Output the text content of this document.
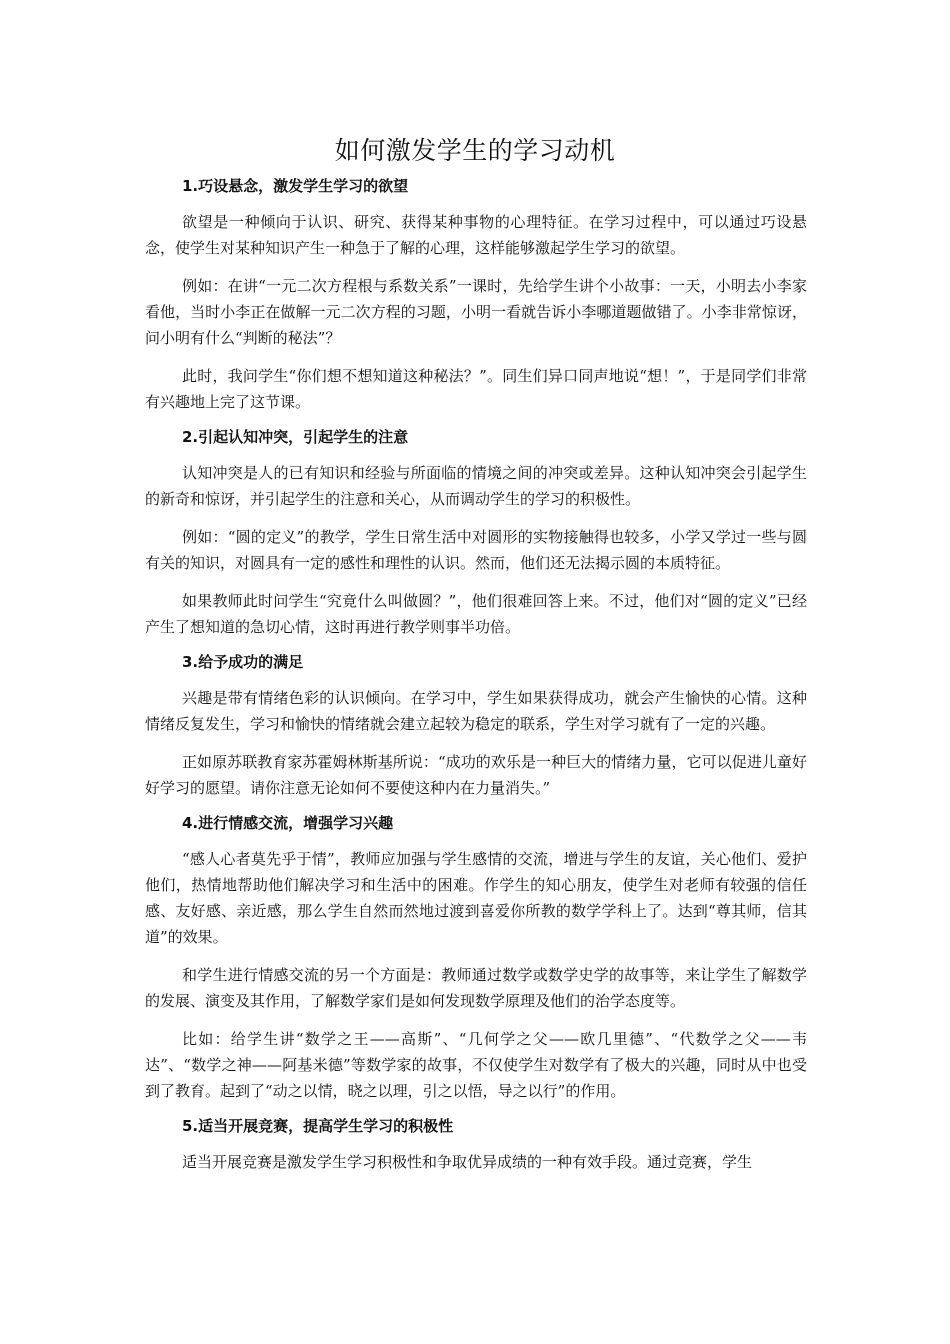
如何激发学生的学习动机

1.巧设悬念，激发学生学习的欲望

欲望是一种倾向于认识、研究、获得某种事物的心理特征。在学习过程中，可以通过巧设悬念，使学生对某种知识产生一种急于了解的心理，这样能够激起学生学习的欲望。

例如：在讲“一元二次方程根与系数关系”一课时，先给学生讲个小故事：一天，小明去小李家看他，当时小李正在做解一元二次方程的习题，小明一看就告诉小李哪道题做错了。小李非常惊讶，问小明有什么“判断的秘法”？

此时，我问学生“你们想不想知道这种秘法？”。同生们异口同声地说“想！”，于是同学们非常有兴趣地上完了这节课。

2.引起认知冲突，引起学生的注意

认知冲突是人的已有知识和经验与所面临的情境之间的冲突或差异。这种认知冲突会引起学生的新奇和惊讶，并引起学生的注意和关心，从而调动学生的学习的积极性。

例如：“圆的定义”的教学，学生日常生活中对圆形的实物接触得也较多，小学又学过一些与圆有关的知识，对圆具有一定的感性和理性的认识。然而，他们还无法揭示圆的本质特征。

如果教师此时问学生“究竟什么叫做圆？”，他们很难回答上来。不过，他们对“圆的定义”已经产生了想知道的急切心情，这时再进行教学则事半功倍。

3.给予成功的满足

兴趣是带有情绪色彩的认识倾向。在学习中，学生如果获得成功，就会产生愉快的心情。这种情绪反复发生，学习和愉快的情绪就会建立起较为稳定的联系，学生对学习就有了一定的兴趣。

正如原苏联教育家苏霍姆林斯基所说：“成功的欢乐是一种巨大的情绪力量，它可以促进儿童好好学习的愿望。请你注意无论如何不要使这种内在力量消失。”

4.进行情感交流，增强学习兴趣

“感人心者莫先乎于情”，教师应加强与学生感情的交流，增进与学生的友谊，关心他们、爱护他们，热情地帮助他们解决学习和生活中的困难。作学生的知心朋友，使学生对老师有较强的信任感、友好感、亲近感，那么学生自然而然地过渡到喜爱你所教的数学学科上了。达到“尊其师，信其道”的效果。

和学生进行情感交流的另一个方面是：教师通过数学或数学史学的故事等，来让学生了解数学的发展、演变及其作用，了解数学家们是如何发现数学原理及他们的治学态度等。

比如：给学生讲“数学之王——高斯”、“几何学之父——欧几里德”、“代数学之父——韦达”、“数学之神——阿基米德”等数学家的故事，不仅使学生对数学有了极大的兴趣，同时从中也受到了教育。起到了“动之以情，晓之以理，引之以悟，导之以行”的作用。

5.适当开展竞赛，提高学生学习的积极性

适当开展竞赛是激发学生学习积极性和争取优异成绩的一种有效手段。通过竞赛，学生
